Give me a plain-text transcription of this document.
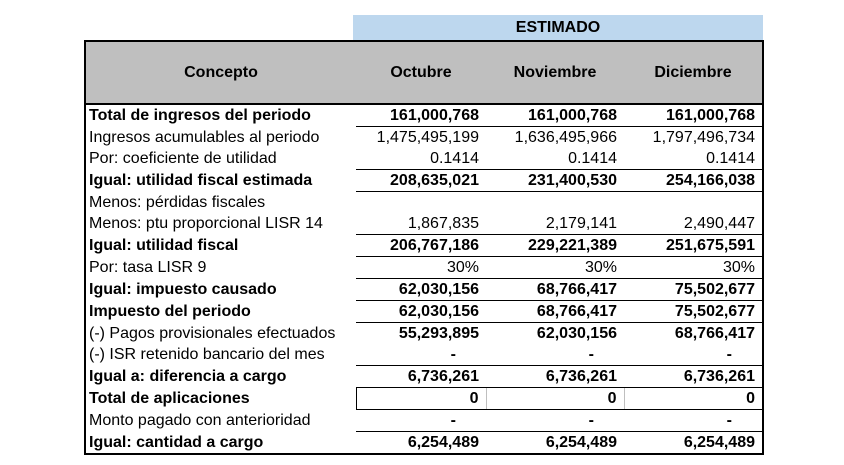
ESTIMADO
Concepto	Octubre	Noviembre	Diciembre
Total de ingresos del periodo	161,000,768	161,000,768	161,000,768
Ingresos acumulables al periodo	1,475,495,199	1,636,495,966	1,797,496,734
Por: coeficiente de utilidad	0.1414	0.1414	0.1414
Igual: utilidad fiscal estimada	208,635,021	231,400,530	254,166,038
Menos: pérdidas fiscales			
Menos: ptu proporcional LISR 14	1,867,835	2,179,141	2,490,447
Igual: utilidad fiscal	206,767,186	229,221,389	251,675,591
Por: tasa LISR 9	30%	30%	30%
Igual: impuesto causado	62,030,156	68,766,417	75,502,677
Impuesto del periodo	62,030,156	68,766,417	75,502,677
(-) Pagos provisionales efectuados	55,293,895	62,030,156	68,766,417
(-) ISR retenido bancario del mes	-	-	-
Igual a: diferencia a cargo	6,736,261	6,736,261	6,736,261
Total de aplicaciones	0	0	0
Monto pagado con anterioridad	-	-	-
Igual: cantidad a cargo	6,254,489	6,254,489	6,254,489
